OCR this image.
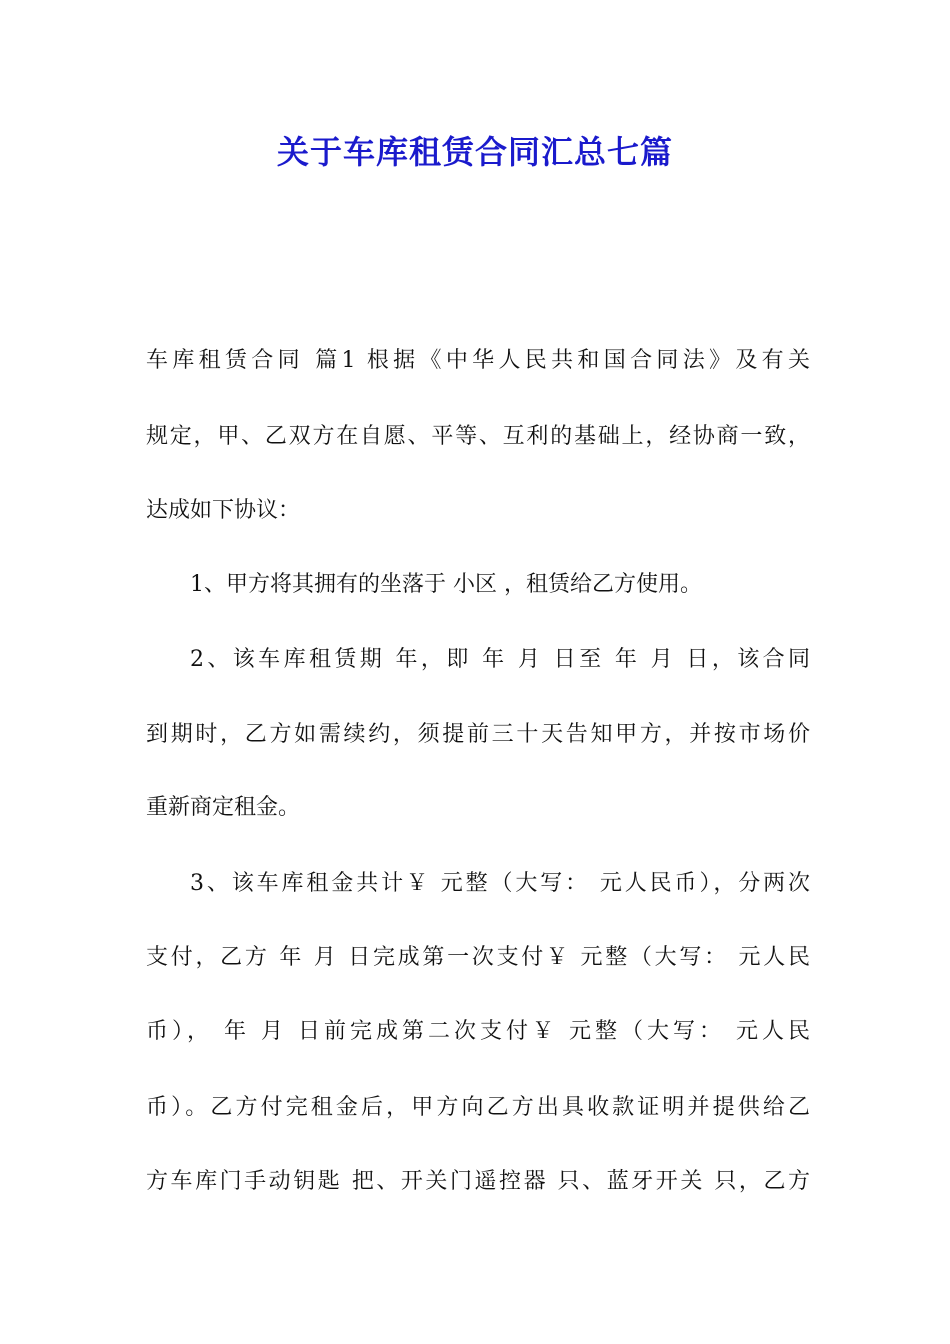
关于车库租赁合同汇总七篇
车库租赁合同 篇1 根据《中华人民共和国合同法》及有关
规定，甲、乙双方在自愿、平等、互利的基础上，经协商一致，
达成如下协议：
1、甲方将其拥有的坐落于 小区 ，租赁给乙方使用。
2、该车库租赁期 年，即 年 月 日至 年 月 日，该合同
到期时，乙方如需续约，须提前三十天告知甲方，并按市场价
重新商定租金。
3、该车库租金共计￥ 元整（大写： 元人民币），分两次
支付，乙方 年 月 日完成第一次支付￥ 元整（大写： 元人民
币）， 年 月 日前完成第二次支付￥ 元整（大写： 元人民
币）。乙方付完租金后，甲方向乙方出具收款证明并提供给乙
方车库门手动钥匙 把、开关门遥控器 只、蓝牙开关 只，乙方
